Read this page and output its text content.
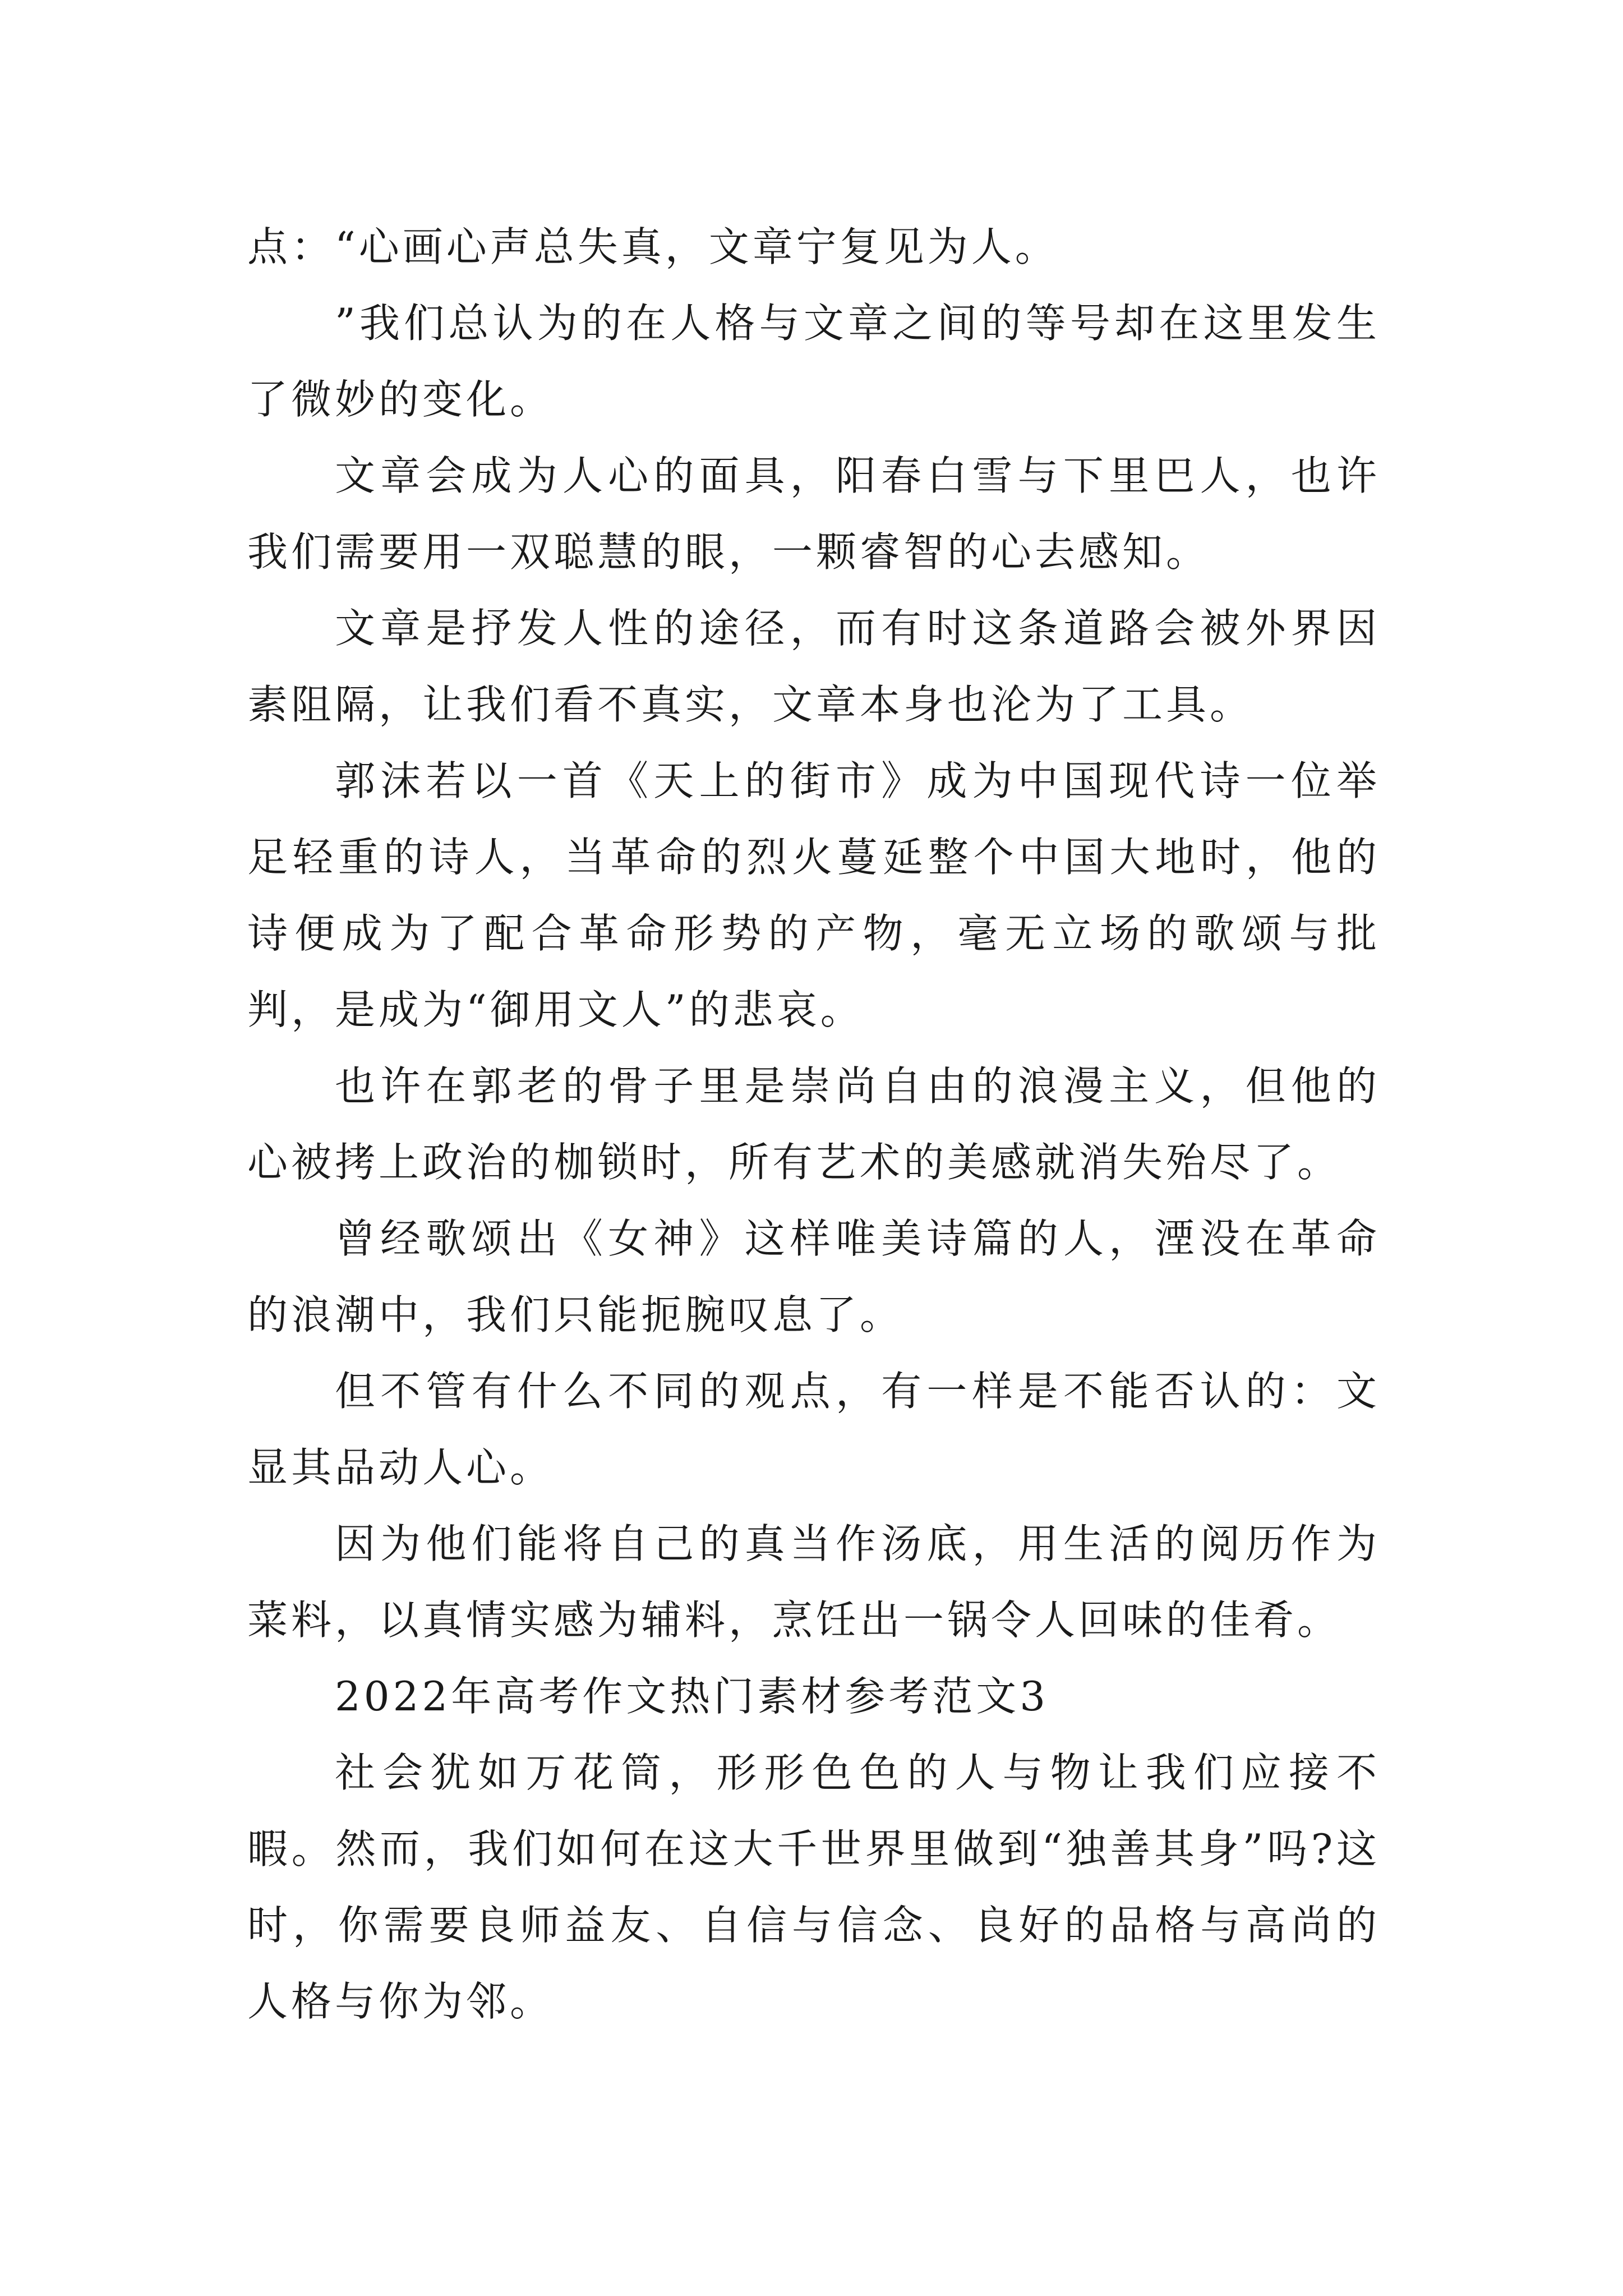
点：“心画心声总失真，文章宁复见为人。

”我们总认为的在人格与文章之间的等号却在这里发生了微妙的变化。

文章会成为人心的面具，阳春白雪与下里巴人，也许我们需要用一双聪慧的眼，一颗睿智的心去感知。

文章是抒发人性的途径，而有时这条道路会被外界因素阻隔，让我们看不真实，文章本身也沦为了工具。

郭沫若以一首《天上的街市》成为中国现代诗一位举足轻重的诗人，当革命的烈火蔓延整个中国大地时，他的诗便成为了配合革命形势的产物，毫无立场的歌颂与批判，是成为“御用文人”的悲哀。

也许在郭老的骨子里是崇尚自由的浪漫主义，但他的心被拷上政治的枷锁时，所有艺术的美感就消失殆尽了。

曾经歌颂出《女神》这样唯美诗篇的人，湮没在革命的浪潮中，我们只能扼腕叹息了。

但不管有什么不同的观点，有一样是不能否认的：文显其品动人心。

因为他们能将自己的真当作汤底，用生活的阅历作为菜料，以真情实感为辅料，烹饪出一锅令人回味的佳肴。

2022年高考作文热门素材参考范文3

社会犹如万花筒，形形色色的人与物让我们应接不暇。然而，我们如何在这大千世界里做到“独善其身”吗?这时，你需要良师益友、自信与信念、良好的品格与高尚的人格与你为邻。
